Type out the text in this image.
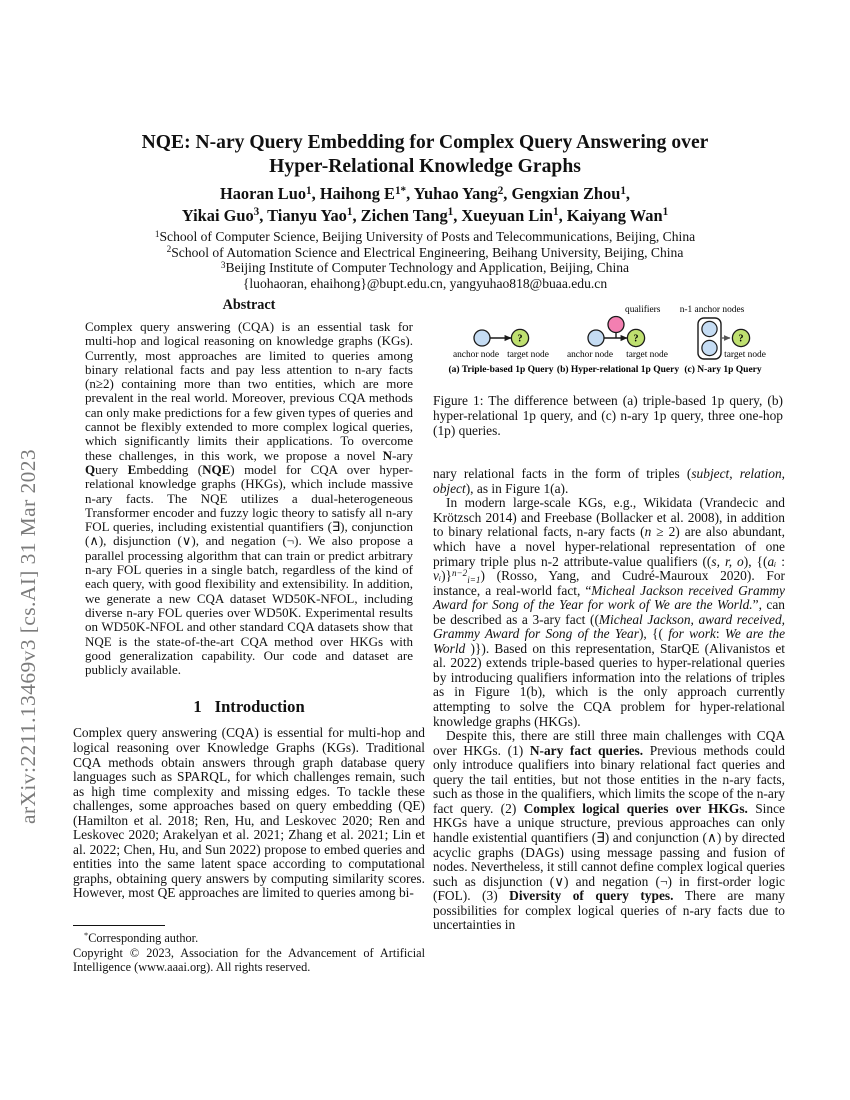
arXiv:2211.13469v3 [cs.AI] 31 Mar 2023
NQE: N-ary Query Embedding for Complex Query Answering over
Hyper-Relational Knowledge Graphs
Haoran Luo$^1$, Haihong $E^{1*}$, Yuhao Yang$^2$, Gengxian Zhou$^1$,
Yikai Guo$^3$, Tianyu Yao$^1$, Zichen Tang$^1$, Xueyuan Lin$^1$, Kaiyang Wan$^1$
$^1$School of Computer Science, Beijing University of Posts and Telecommunications, Beijing, China
$^2$School of Automation Science and Electrical Engineering, Beihang University, Beijing, China
$^3$Beijing Institute of Computer Technology and Application, Beijing, China
{luohaoran, ehaihong}@bupt.edu.cn, yangyuhao818@buaa.edu.cn
Abstract

Complex query answering (CQA) is an essential task for multi-hop and logical reasoning on knowledge graphs (KGs). Currently, most approaches are limited to queries among binary relational facts and pay less attention to n-ary facts (n≥2) containing more than two entities, which are more prevalent in the real world. Moreover, previous CQA methods can only make predictions for a few given types of queries and cannot be flexibly extended to more complex logical queries, which significantly limits their applications. To overcome these challenges, in this work, we propose a novel N-ary Query Embedding (NQE) model for CQA over hyper-relational knowledge graphs (HKGs), which include massive n-ary facts. The NQE utilizes a dual-heterogeneous Transformer encoder and fuzzy logic theory to satisfy all n-ary FOL queries, including existential quantifiers (∃), conjunction (∧), disjunction (∨), and negation (¬). We also propose a parallel processing algorithm that can train or predict arbitrary n-ary FOL queries in a single batch, regardless of the kind of each query, with good flexibility and extensibility. In addition, we generate a new CQA dataset WD50K-NFOL, including diverse n-ary FOL queries over WD50K. Experimental results on WD50K-NFOL and other standard CQA datasets show that NQE is the state-of-the-art CQA method over HKGs with good generalization capability. Our code and dataset are publicly available.

1 Introduction

Complex query answering (CQA) is essential for multi-hop and logical reasoning over Knowledge Graphs (KGs). Traditional CQA methods obtain answers through graph database query languages such as SPARQL, for which challenges remain, such as high time complexity and missing edges. To tackle these challenges, some approaches based on query embedding (QE) (Hamilton et al. 2018; Ren, Hu, and Leskovec 2020; Ren and Leskovec 2020; Arakelyan et al. 2021; Zhang et al. 2021; Lin et al. 2022; Chen, Hu, and Sun 2022) propose to embed queries and entities into the same latent space according to computational graphs, obtaining query answers by computing similarity scores. However, most QE approaches are limited to queries among bi-

*Corresponding author.

Copyright © 2023, Association for the Advancement of Artificial Intelligence (www.aaai.org). All rights reserved.

?
anchor node target node
(a) Triple-based 1p Query
?
qualifiers
anchor node target node
(b) Hyper-relational 1p Query
n-1 anchor nodes
?
target node
(c) N-ary 1p Query
Figure 1: The difference between (a) triple-based 1p query, (b) hyper-relational 1p query, and (c) n-ary 1p query, three one-hop (1p) queries.

nary relational facts in the form of triples (subject, relation, object), as in Figure 1(a).

In modern large-scale KGs, e.g., Wikidata (Vrandecic and Krötzsch 2014) and Freebase (Bollacker et al. 2008), in addition to binary relational facts, n-ary facts (n ≥ 2) are also abundant, which have a novel hyper-relational representation of one primary triple plus n-2 attribute-value qualifiers ((s, r, o), {(aᵢ : vᵢ)}$^{n-2}$i=1) (Rosso, Yang, and Cudré-Mauroux 2020). For instance, a real-world fact, “Micheal Jackson received Grammy Award for Song of the Year for work of We are the World.”, can be described as a 3-ary fact ((Micheal Jackson, award received, Grammy Award for Song of the Year), {( for work: We are the World )}). Based on this representation, StarQE (Alivanistos et al. 2022) extends triple-based queries to hyper-relational queries by introducing qualifiers information into the relations of triples as in Figure 1(b), which is the only approach currently attempting to solve the CQA problem for hyper-relational knowledge graphs (HKGs).

Despite this, there are still three main challenges with CQA over HKGs. (1) N-ary fact queries. Previous methods could only introduce qualifiers into binary relational fact queries and query the tail entities, but not those entities in the n-ary facts, such as those in the qualifiers, which limits the scope of the n-ary fact query. (2) Complex logical queries over HKGs. Since HKGs have a unique structure, previous approaches can only handle existential quantifiers (∃) and conjunction (∧) by directed acyclic graphs (DAGs) using message passing and fusion of nodes. Nevertheless, it still cannot define complex logical queries such as disjunction (∨) and negation (¬) in first-order logic (FOL). (3) Diversity of query types. There are many possibilities for complex logical queries of n-ary facts due to uncertainties in
